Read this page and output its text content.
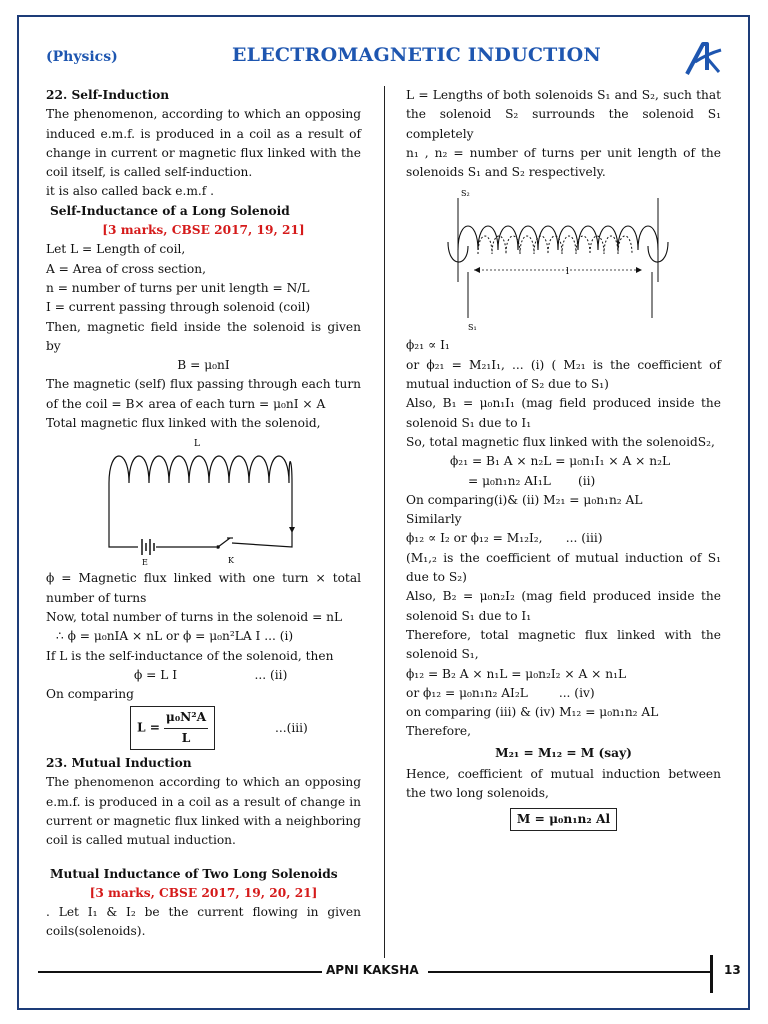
(Physics)	ELECTROMAGNETIC INDUCTION

22. Self-Induction

The phenomenon, according to which an opposing induced e.m.f. is produced in a coil as a result of change in current or magnetic flux linked with the coil itself, is called self-induction.

it is also called back e.m.f .

Self-Inductance of a Long Solenoid

[3 marks, CBSE 2017, 19, 21]

Let L = Length of coil,

A = Area of cross section,

n = number of turns per unit length = N/L

I = current passing through solenoid (coil)

Then, magnetic field inside the solenoid is given by

B = μ₀nI

The magnetic (self) flux passing through each turn of the coil = B× area of each turn = μ₀nI × A

Total magnetic flux linked with the solenoid,

L
E	K

ϕ = Magnetic flux linked with one turn × total number of turns

Now, total number of turns in the solenoid = nL

∴ ϕ = μ₀nIA × nL or ϕ = μ₀n²LA I ... (i)

If L is the self-inductance of the solenoid, then

ϕ = L I                    ... (ii)

On comparing

$L = \frac{\text{μ₀N²A}}{L}$	...(iii)

23. Mutual Induction

The phenomenon according to which an opposing e.m.f. is produced in a coil as a result of change in current or magnetic flux linked with a neighboring coil is called mutual induction.

Mutual Inductance of Two Long Solenoids

[3 marks, CBSE 2017, 19, 20, 21]

. Let I₁ & I₂ be the current flowing in given coils(solenoids).

L = Lengths of both solenoids S₁ and S₂, such that the solenoid S₂ surrounds the solenoid S₁ completely

n₁ , n₂ = number of turns per unit length of the solenoids S₁ and S₂ respectively.

S₂
l
S₁

ϕ₂₁ ∝ I₁

or ϕ₂₁ = M₂₁I₁, ... (i) ( M₂₁ is the coefficient of mutual induction of S₂ due to S₁)

Also, B₁ = μ₀n₁I₁ (mag field produced inside the solenoid S₁ due to I₁

So, total magnetic flux linked with the solenoidS₂,

ϕ₂₁ = B₁ A × n₂L = μ₀n₁I₁ × A × n₂L

= μ₀n₁n₂ AI₁L       (ii)

On comparing(i)& (ii) M₂₁ = μ₀n₁n₂ AL

Similarly

ϕ₁₂ ∝ I₂ or ϕ₁₂ = M₁₂I₂,      ... (iii)

(M₁,₂ is the coefficient of mutual induction of S₁ due to S₂)

Also, B₂ = μ₀n₂I₂ (mag field produced inside the solenoid S₁ due to I₁

Therefore, total magnetic flux linked with the solenoid S₁,

ϕ₁₂ = B₂ A × n₁L = μ₀n₂I₂ × A × n₁L

or ϕ₁₂ = μ₀n₁n₂ AI₂L        ... (iv)

on comparing (iii) & (iv) M₁₂ = μ₀n₁n₂ AL

Therefore,

M₂₁ = M₁₂ = M (say)

Hence, coefficient of mutual induction between the two long solenoids,

M = μ₀n₁n₂ Al
APNI KAKSHA	13
